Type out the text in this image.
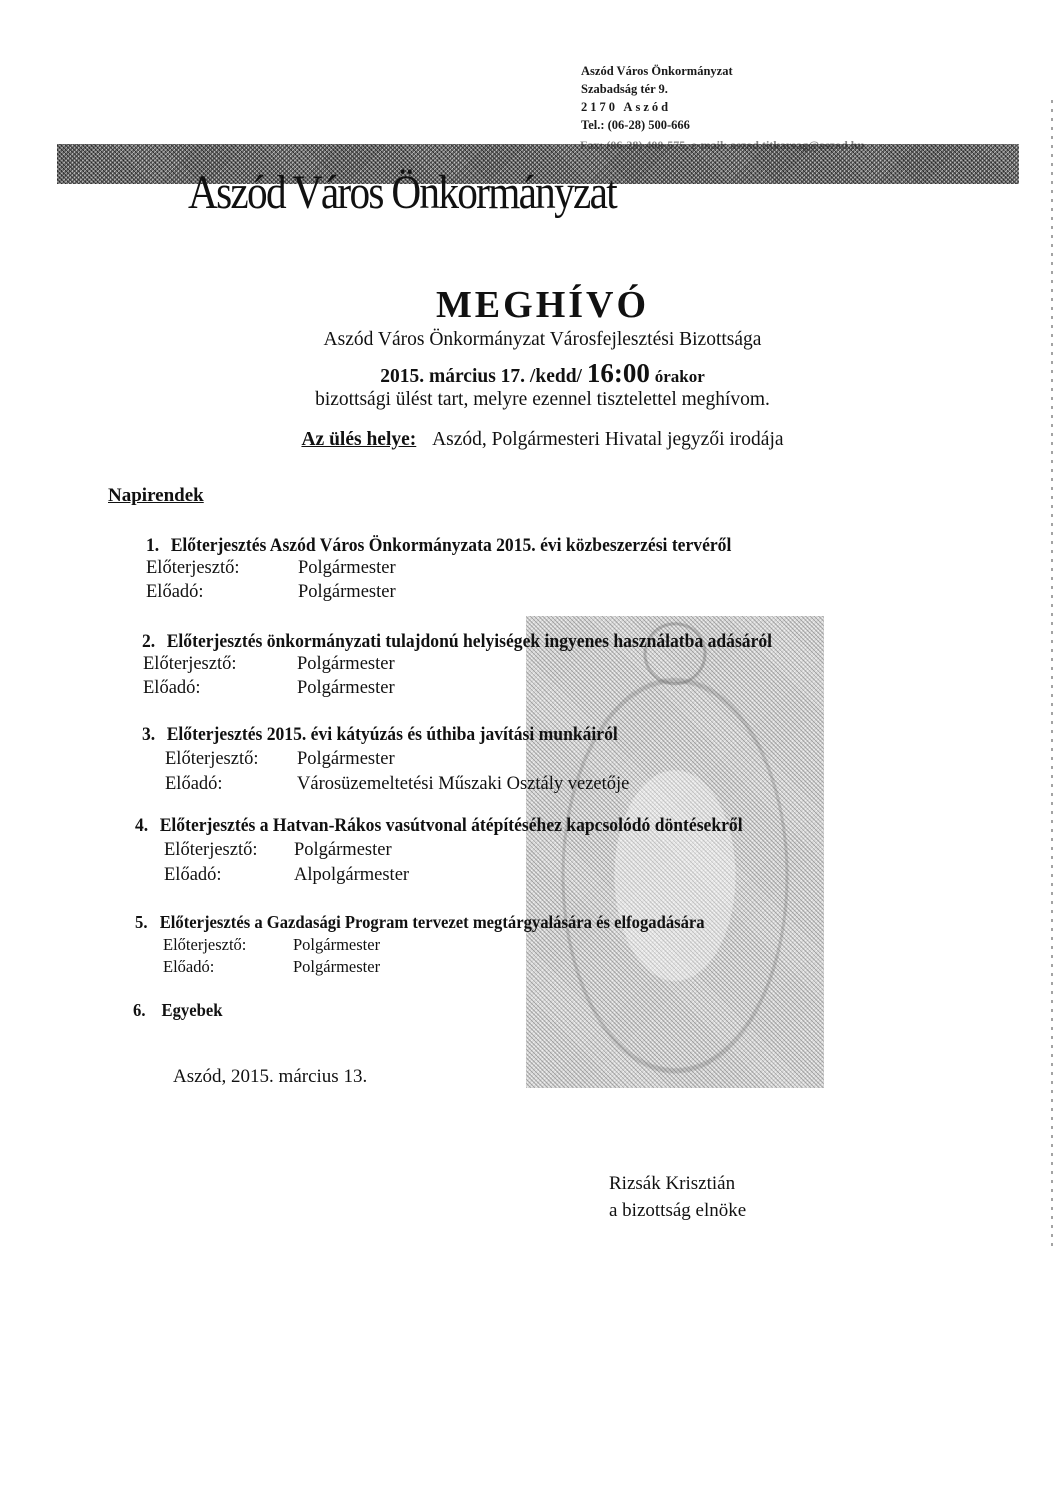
Aszód Város Önkormányzat
Szabadság tér 9.
2170 Aszód
Tel.: (06-28) 500-666
Fax: (06-28) 400-575, e-mail: aszod.titkarsag@aszod.hu
Aszód Város Önkormányzat
MEGHÍVÓ
Aszód Város Önkormányzat Városfejlesztési Bizottsága
2015. március 17. /kedd/ 16:00 órakor
bizottsági ülést tart, melyre ezennel tisztelettel meghívom.
Az ülés helye: Aszód, Polgármesteri Hivatal jegyzői irodája
Napirendek
1. Előterjesztés Aszód Város Önkormányzata 2015. évi közbeszerzési tervéről
Előterjesztő:	Polgármester
Előadó:	Polgármester
2. Előterjesztés önkormányzati tulajdonú helyiségek ingyenes használatba adásáról
Előterjesztő:	Polgármester
Előadó:	Polgármester
3. Előterjesztés 2015. évi kátyúzás és úthiba javítási munkáiról
Előterjesztő: Polgármester
Előadó:	Városüzemeltetési Műszaki Osztály vezetője
4. Előterjesztés a Hatvan-Rákos vasútvonal átépítéséhez kapcsolódó döntésekről
Előterjesztő: Polgármester
Előadó:	Alpolgármester
5. Előterjesztés a Gazdasági Program tervezet megtárgyalására és elfogadására
Előterjesztő:	Polgármester
Előadó:	Polgármester
6. Egyebek
Aszód, 2015. március 13.
Rizsák Krisztián
a bizottság elnöke
